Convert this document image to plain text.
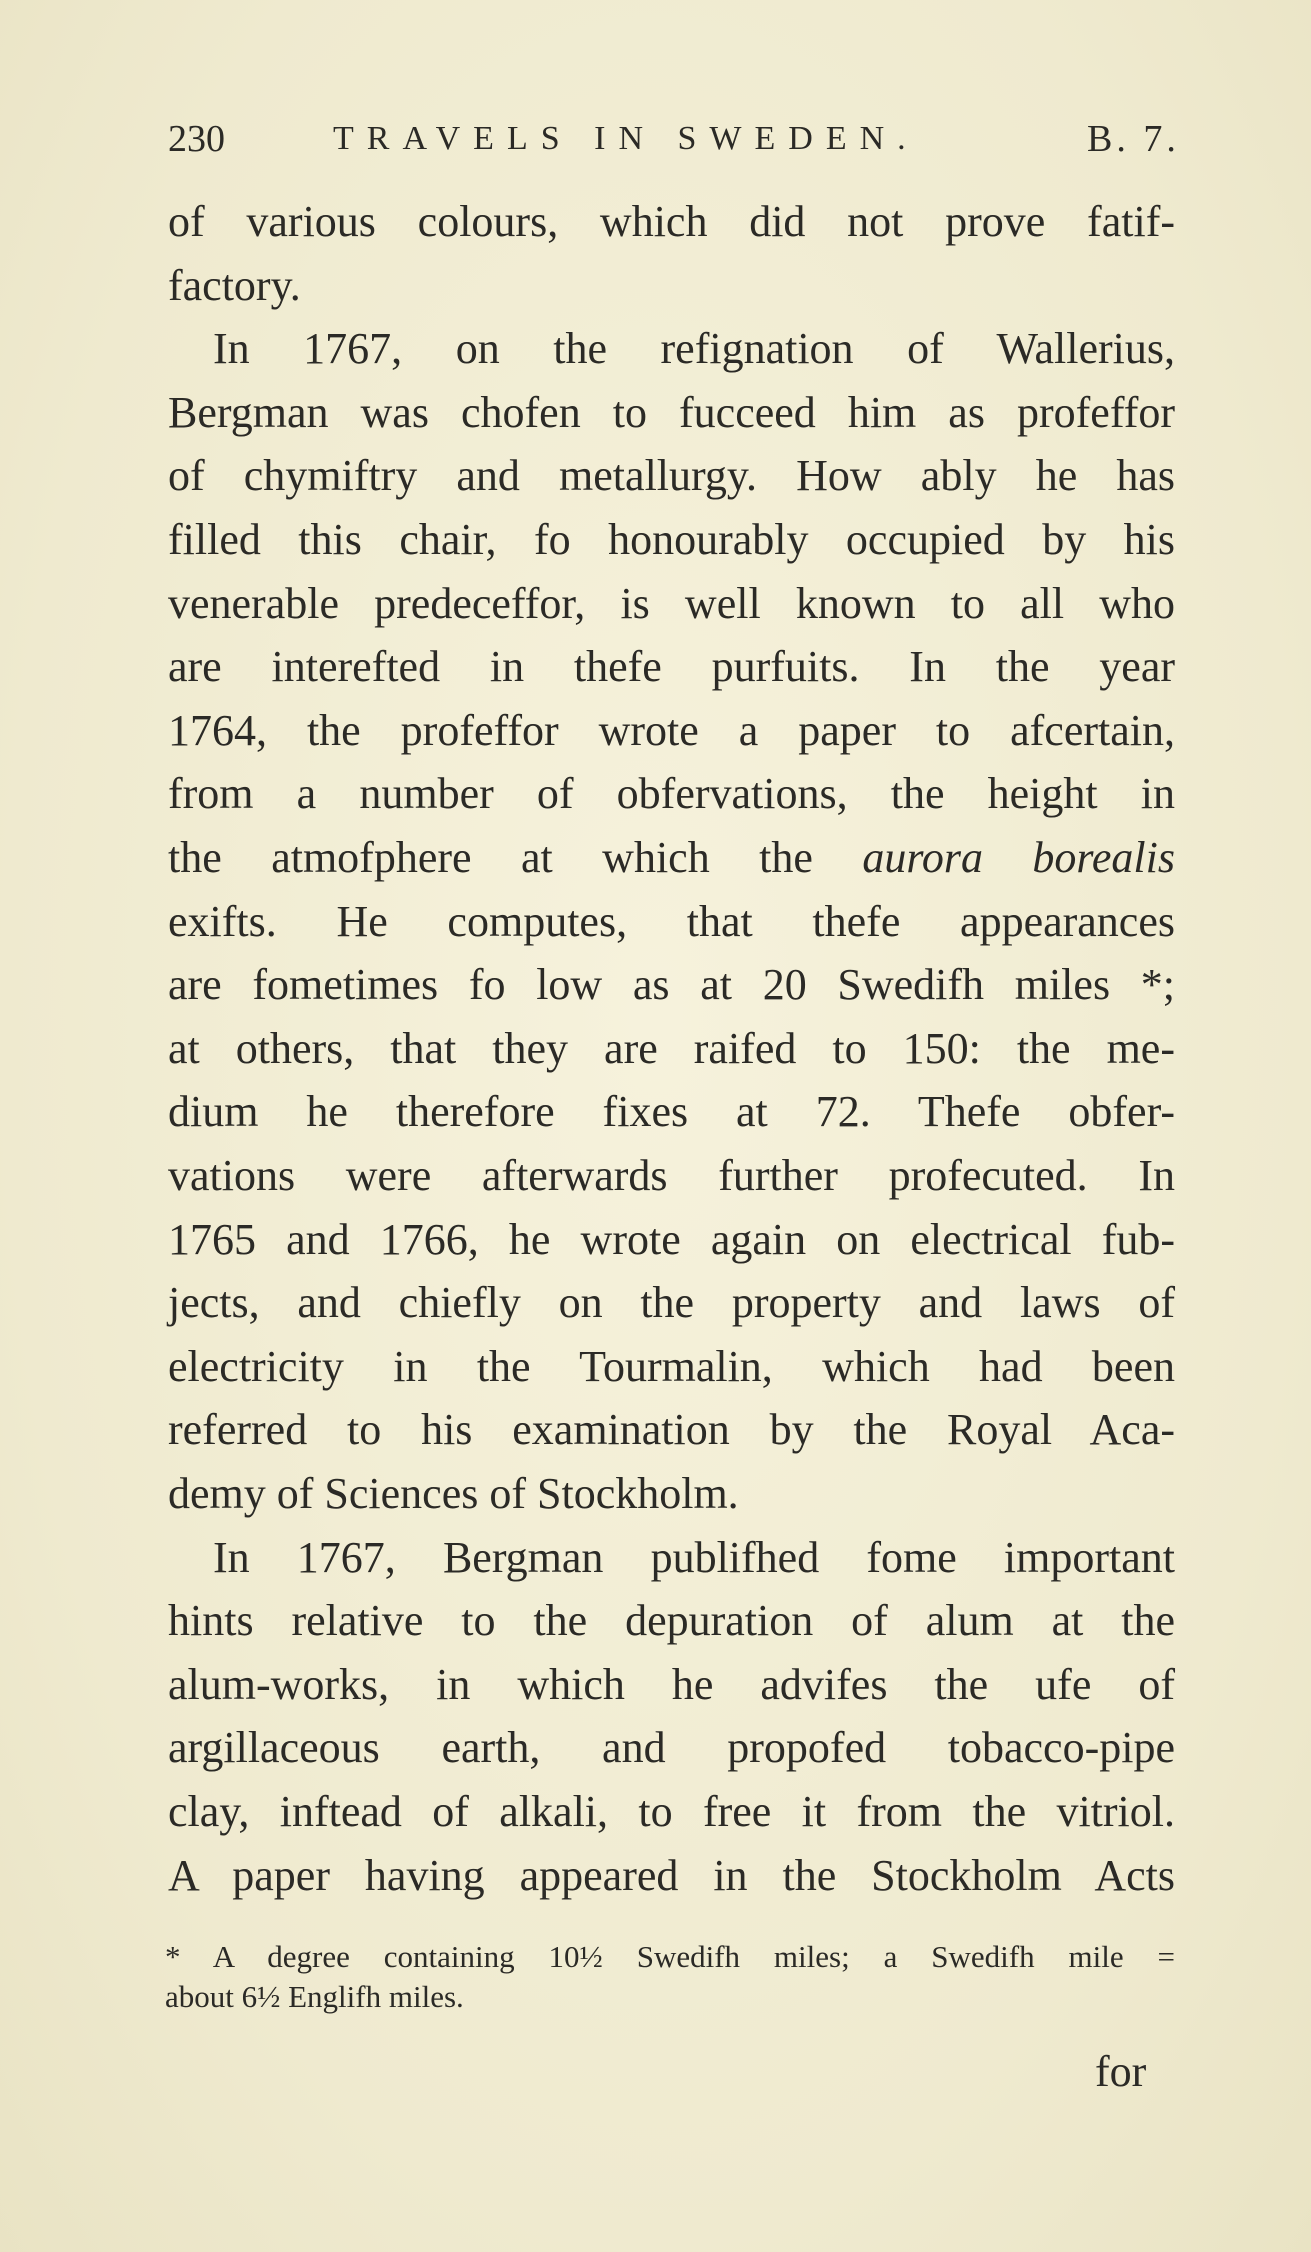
230	TRAVELS IN SWEDEN.	B. 7.
of various colours, which did not prove fatif-
factory.
In 1767, on the refignation of Wallerius,
Bergman was chofen to fucceed him as profeffor
of chymiftry and metallurgy. How ably he has
filled this chair, fo honourably occupied by his
venerable predeceffor, is well known to all who
are interefted in thefe purfuits. In the year
1764, the profeffor wrote a paper to afcertain,
from a number of obfervations, the height in
the atmofphere at which the aurora borealis
exifts. He computes, that thefe appearances
are fometimes fo low as at 20 Swedifh miles *;
at others, that they are raifed to 150: the me-
dium he therefore fixes at 72. Thefe obfer-
vations were afterwards further profecuted. In
1765 and 1766, he wrote again on electrical fub-
jects, and chiefly on the property and laws of
electricity in the Tourmalin, which had been
referred to his examination by the Royal Aca-
demy of Sciences of Stockholm.
In 1767, Bergman publifhed fome important
hints relative to the depuration of alum at the
alum-works, in which he advifes the ufe of
argillaceous earth, and propofed tobacco-pipe
clay, inftead of alkali, to free it from the vitriol.
A paper having appeared in the Stockholm Acts
* A degree containing 10½ Swedifh miles; a Swedifh mile =
about 6½ Englifh miles.
for
